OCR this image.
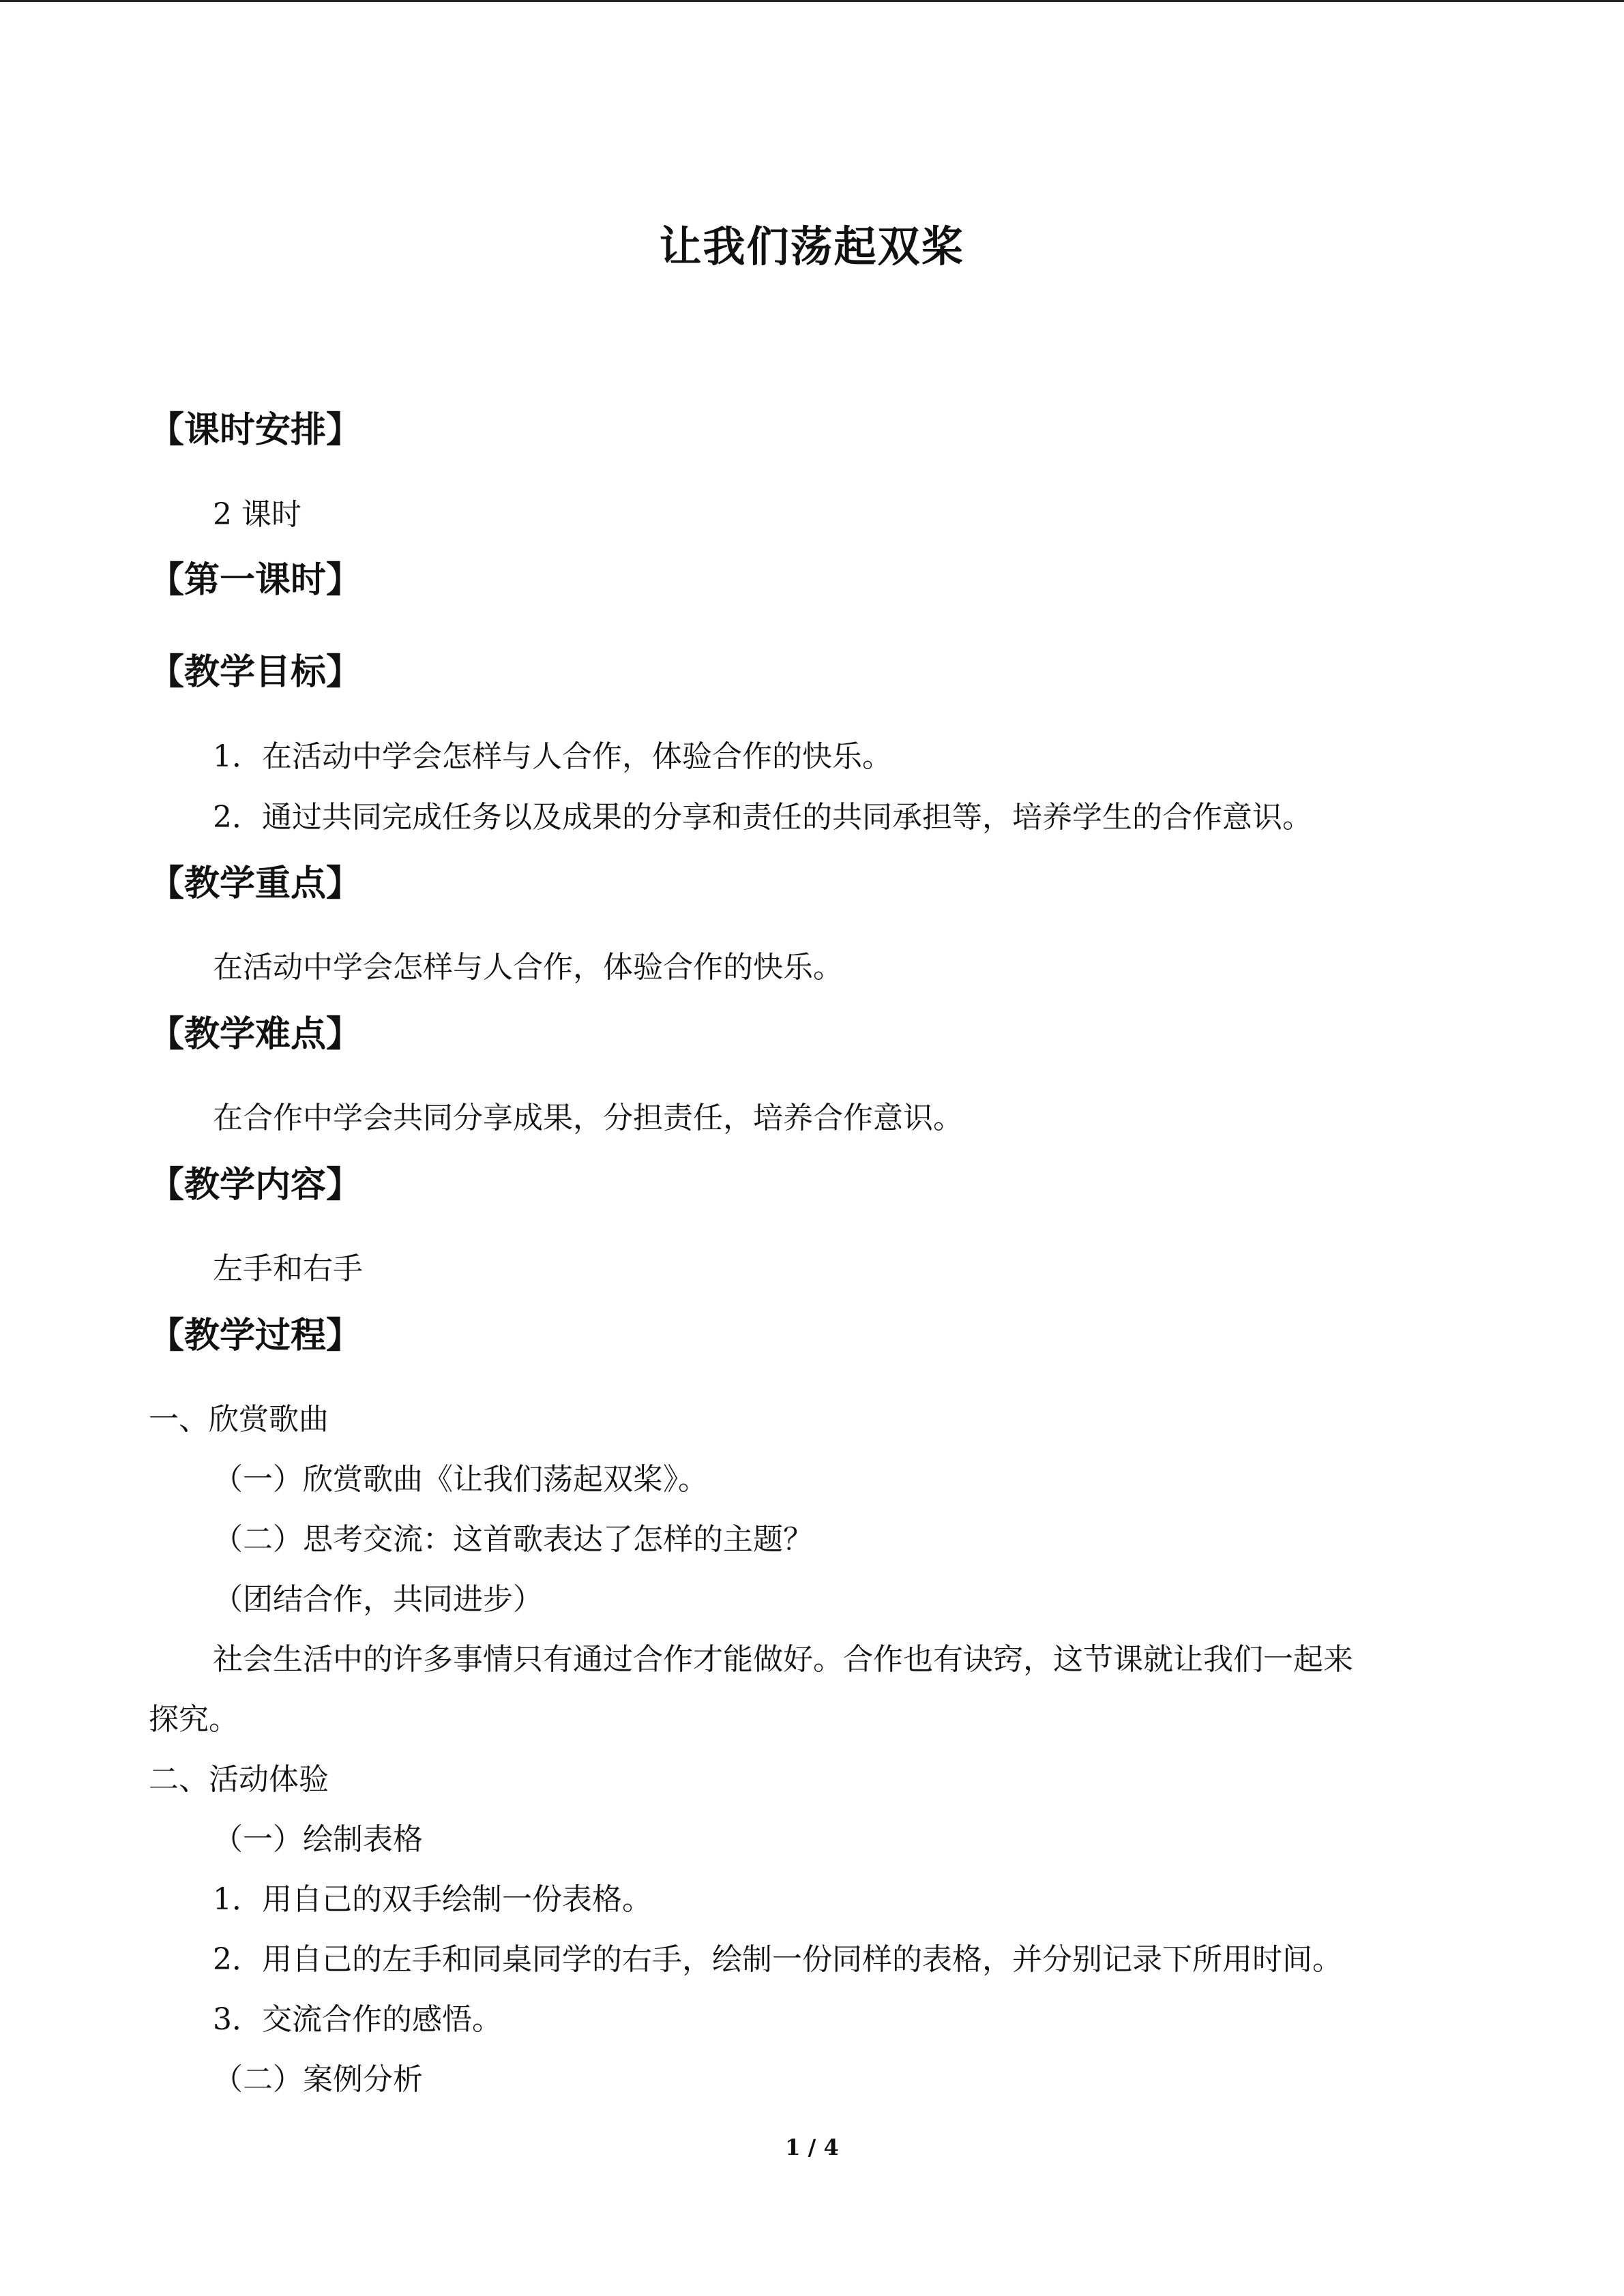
让我们荡起双桨
【课时安排】
2 课时
【第一课时】
【教学目标】
1．在活动中学会怎样与人合作，体验合作的快乐。
2．通过共同完成任务以及成果的分享和责任的共同承担等，培养学生的合作意识。
【教学重点】
在活动中学会怎样与人合作，体验合作的快乐。
【教学难点】
在合作中学会共同分享成果，分担责任，培养合作意识。
【教学内容】
左手和右手
【教学过程】
一、欣赏歌曲
（一）欣赏歌曲《让我们荡起双桨》。
（二）思考交流：这首歌表达了怎样的主题？
（团结合作，共同进步）
社会生活中的许多事情只有通过合作才能做好。合作也有诀窍，这节课就让我们一起来
探究。
二、活动体验
（一）绘制表格
1．用自己的双手绘制一份表格。
2．用自己的左手和同桌同学的右手，绘制一份同样的表格，并分别记录下所用时间。
3．交流合作的感悟。
（二）案例分析
1 / 4
